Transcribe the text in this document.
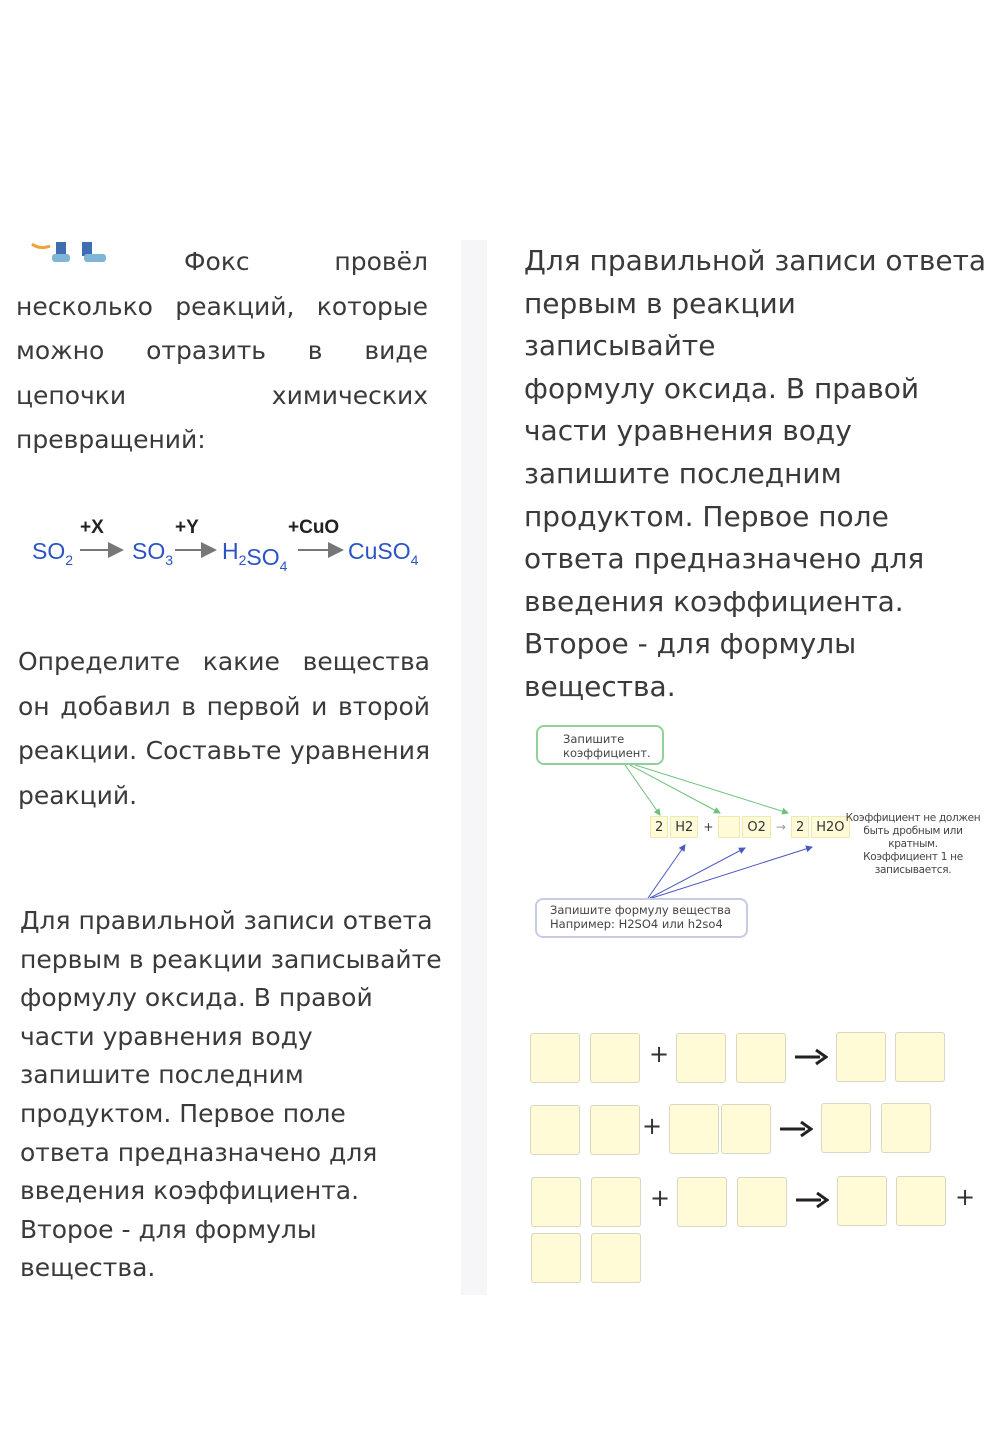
Фокс	провёл несколько реакций, которые можно отразить в виде цепочки химических превращений:
+X	+Y	+CuO
$SO_2$	$SO_3$ $H_2SO_4$
CuSO$_4$
Определите какие вещества он добавил в первой и второй реакции. Составьте уравнения реакций.
Для правильной записи ответа
первым в реакции записывайте
формулу оксида. В правой
части уравнения воду
запишите последним
продуктом. Первое поле
ответа предназначено для
введения коэффициента.
Второе - для формулы
вещества.
Для правильной записи ответа
первым в реакции записывайте
формулу оксида. В правой
части уравнения воду
запишите последним
продуктом. Первое поле
ответа предназначено для
введения коэффициента.
Второе - для формулы
вещества.
Запишите
коэффициент.
2 H2 +	O2 → 2 H2O
Коэффициент не должен
быть дробным или
кратным.
Коэффициент 1 не
записывается.
Запишите формулу вещества
Например: H2SO4 или h2so4
+
+
+	+
